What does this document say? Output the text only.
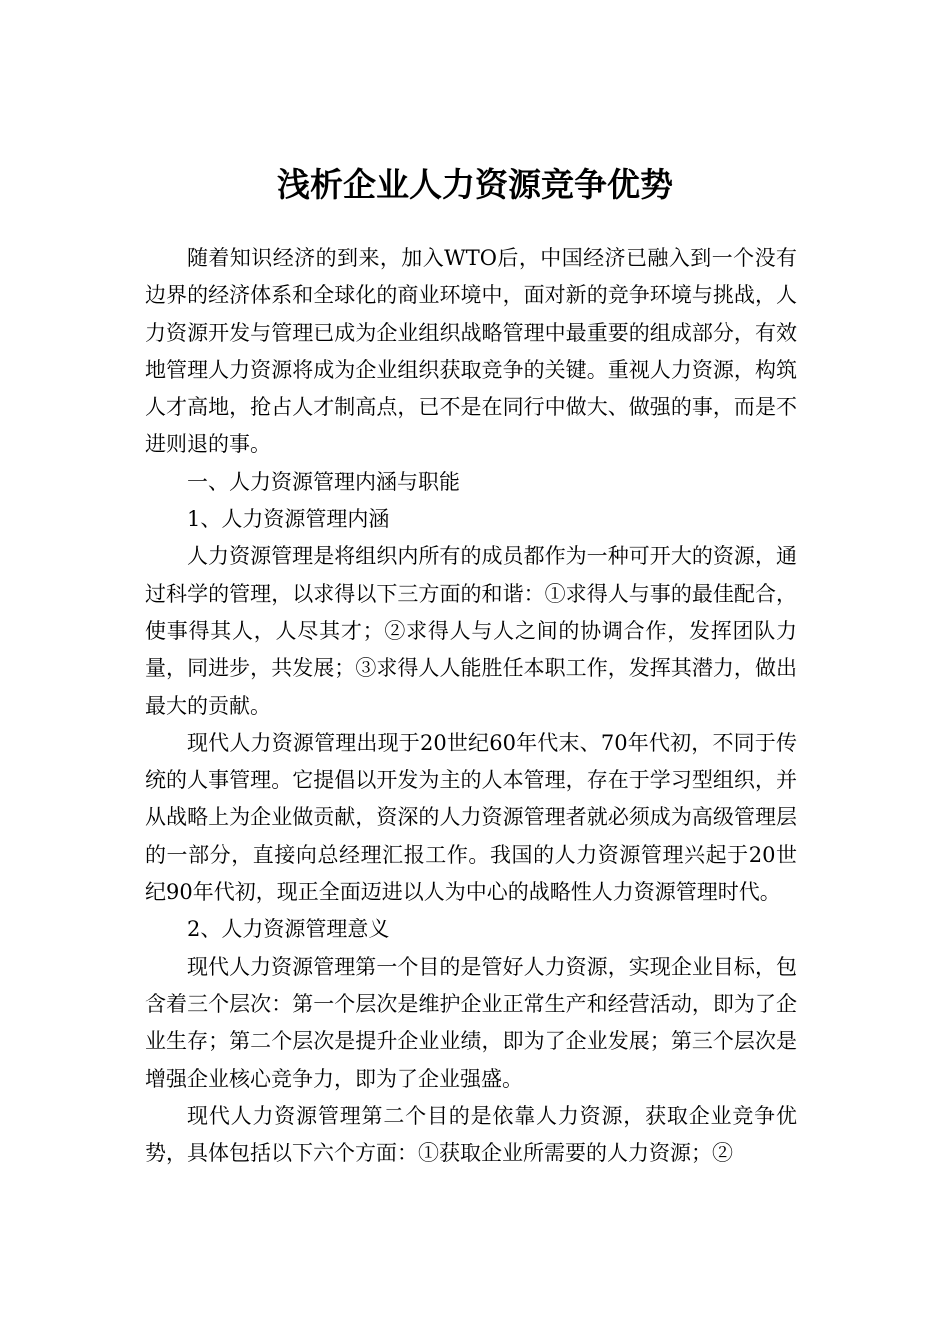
浅析企业人力资源竞争优势

随着知识经济的到来，加入WTO后，中国经济已融入到一个没有边界的经济体系和全球化的商业环境中，面对新的竞争环境与挑战，人力资源开发与管理已成为企业组织战略管理中最重要的组成部分，有效地管理人力资源将成为企业组织获取竞争的关键。重视人力资源，构筑人才高地，抢占人才制高点，已不是在同行中做大、做强的事，而是不进则退的事。

一、人力资源管理内涵与职能

1、人力资源管理内涵

人力资源管理是将组织内所有的成员都作为一种可开大的资源，通过科学的管理，以求得以下三方面的和谐：①求得人与事的最佳配合，使事得其人，人尽其才；②求得人与人之间的协调合作，发挥团队力量，同进步，共发展；③求得人人能胜任本职工作，发挥其潜力，做出最大的贡献。

现代人力资源管理出现于20世纪60年代末、70年代初，不同于传统的人事管理。它提倡以开发为主的人本管理，存在于学习型组织，并从战略上为企业做贡献，资深的人力资源管理者就必须成为高级管理层的一部分，直接向总经理汇报工作。我国的人力资源管理兴起于20世纪90年代初，现正全面迈进以人为中心的战略性人力资源管理时代。

2、人力资源管理意义

现代人力资源管理第一个目的是管好人力资源，实现企业目标，包含着三个层次：第一个层次是维护企业正常生产和经营活动，即为了企业生存；第二个层次是提升企业业绩，即为了企业发展；第三个层次是增强企业核心竞争力，即为了企业强盛。

现代人力资源管理第二个目的是依靠人力资源，获取企业竞争优势，具体包括以下六个方面：①获取企业所需要的人力资源；②
